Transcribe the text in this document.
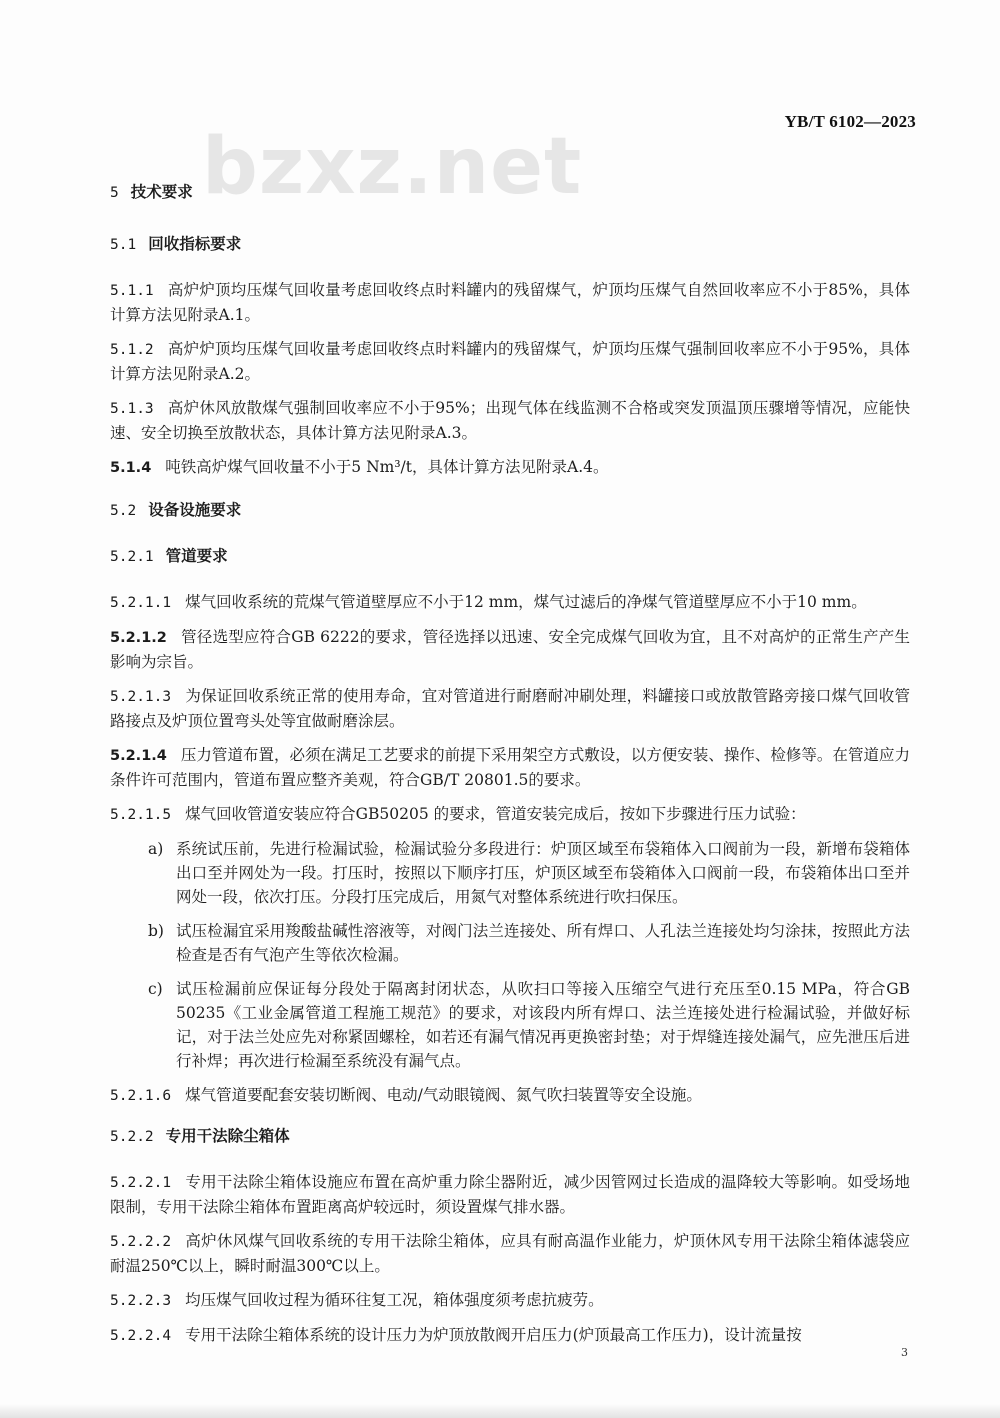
bzxz.net
YB/T 6102—2023
5 技术要求
5.1 回收指标要求

5.1.1 高炉炉顶均压煤气回收量考虑回收终点时料罐内的残留煤气，炉顶均压煤气自然回收率应不小于85%，具体计算方法见附录A.1。

5.1.2 高炉炉顶均压煤气回收量考虑回收终点时料罐内的残留煤气，炉顶均压煤气强制回收率应不小于95%，具体计算方法见附录A.2。

5.1.3 高炉休风放散煤气强制回收率应不小于95%；出现气体在线监测不合格或突发顶温顶压骤增等情况，应能快速、安全切换至放散状态，具体计算方法见附录A.3。

5.1.4 吨铁高炉煤气回收量不小于5 Nm³/t，具体计算方法见附录A.4。

5.2 设备设施要求
5.2.1 管道要求

5.2.1.1 煤气回收系统的荒煤气管道壁厚应不小于12 mm，煤气过滤后的净煤气管道壁厚应不小于10 mm。

5.2.1.2 管径选型应符合GB 6222的要求，管径选择以迅速、安全完成煤气回收为宜，且不对高炉的正常生产产生影响为宗旨。

5.2.1.3 为保证回收系统正常的使用寿命，宜对管道进行耐磨耐冲刷处理，料罐接口或放散管路旁接口煤气回收管路接点及炉顶位置弯头处等宜做耐磨涂层。

5.2.1.4 压力管道布置，必须在满足工艺要求的前提下采用架空方式敷设，以方便安装、操作、检修等。在管道应力条件许可范围内，管道布置应整齐美观，符合GB/T 20801.5的要求。

5.2.1.5 煤气回收管道安装应符合GB50205 的要求，管道安装完成后，按如下步骤进行压力试验：

a) 系统试压前，先进行检漏试验，检漏试验分多段进行：炉顶区域至布袋箱体入口阀前为一段，新增布袋箱体出口至并网处为一段。打压时，按照以下顺序打压，炉顶区域至布袋箱体入口阀前一段，布袋箱体出口至并网处一段，依次打压。分段打压完成后，用氮气对整体系统进行吹扫保压。
b) 试压检漏宜采用羧酸盐碱性溶液等，对阀门法兰连接处、所有焊口、人孔法兰连接处均匀涂抹，按照此方法检查是否有气泡产生等依次检漏。
c) 试压检漏前应保证每分段处于隔离封闭状态，从吹扫口等接入压缩空气进行充压至0.15 MPa，符合GB 50235《工业金属管道工程施工规范》的要求，对该段内所有焊口、法兰连接处进行检漏试验，并做好标记，对于法兰处应先对称紧固螺栓，如若还有漏气情况再更换密封垫；对于焊缝连接处漏气，应先泄压后进行补焊；再次进行检漏至系统没有漏气点。

5.2.1.6 煤气管道要配套安装切断阀、电动/气动眼镜阀、氮气吹扫装置等安全设施。

5.2.2 专用干法除尘箱体

5.2.2.1 专用干法除尘箱体设施应布置在高炉重力除尘器附近，减少因管网过长造成的温降较大等影响。如受场地限制，专用干法除尘箱体布置距离高炉较远时，须设置煤气排水器。

5.2.2.2 高炉休风煤气回收系统的专用干法除尘箱体，应具有耐高温作业能力，炉顶休风专用干法除尘箱体滤袋应耐温250℃以上，瞬时耐温300℃以上。

5.2.2.3 均压煤气回收过程为循环往复工况，箱体强度须考虑抗疲劳。

5.2.2.4 专用干法除尘箱体系统的设计压力为炉顶放散阀开启压力(炉顶最高工作压力)，设计流量按

3
